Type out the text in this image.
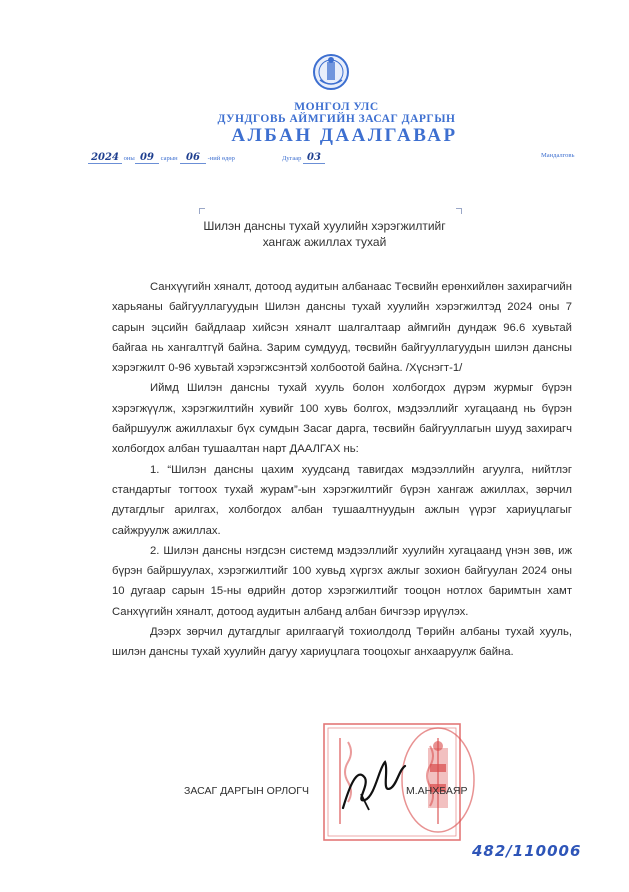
МОНГОЛ УЛС
ДУНДГОВЬ АЙМГИЙН ЗАСАГ ДАРГЫН
АЛБАН ДААЛГАВАР
2024 оны 09 сарын 06 -ний өдөр	Дугаар 03	Мандалговь
Шилэн дансны тухай хуулийн хэрэгжилтийг
хангаж ажиллах тухай

Санхүүгийн хяналт, дотоод аудитын албанаас Төсвийн ерөнхийлөн захирагчийн харьяаны байгууллагуудын Шилэн дансны тухай хуулийн хэрэгжилтэд 2024 оны 7 сарын эцсийн байдлаар хийсэн хяналт шалгалтаар аймгийн дундаж 96.6 хувьтай байгаа нь хангалтгүй байна. Зарим сумдууд, төсвийн байгууллагуудын шилэн дансны хэрэгжилт 0-96 хувьтай хэрэгжсэнтэй холбоотой байна. /Хүснэгт-1/

Иймд Шилэн дансны тухай хууль болон холбогдох дүрэм журмыг бүрэн хэрэгжүүлж, хэрэгжилтийн хувийг 100 хувь болгох, мэдээллийг хугацаанд нь бүрэн байршуулж ажиллахыг бүх сумдын Засаг дарга, төсвийн байгууллагын шууд захирагч холбогдох албан тушаалтан нарт ДААЛГАХ нь:

1. “Шилэн дансны цахим хуудсанд тавигдах мэдээллийн агуулга, нийтлэг стандартыг тогтоох тухай журам”-ын хэрэгжилтийг бүрэн хангаж ажиллах, зөрчил дутагдлыг арилгах, холбогдох албан тушаалтнуудын ажлын үүрэг хариуцлагыг сайжруулж ажиллах.

2. Шилэн дансны нэгдсэн системд мэдээллийг хуулийн хугацаанд үнэн зөв, иж бүрэн байршуулах, хэрэгжилтийг 100 хувьд хүргэх ажлыг зохион байгуулан 2024 оны 10 дугаар сарын 15-ны өдрийн дотор хэрэгжилтийг тооцон нотлох баримтын хамт Санхүүгийн хяналт, дотоод аудитын албанд албан бичгээр ирүүлэх.

Дээрх зөрчил дутагдлыг арилгаагүй тохиолдолд Төрийн албаны тухай хууль, шилэн дансны тухай хуулийн дагуу хариуцлага тооцохыг анхааруулж байна.

ЗАСАГ ДАРГЫН ОРЛОГЧ	М.АНХБАЯР
482/110006
